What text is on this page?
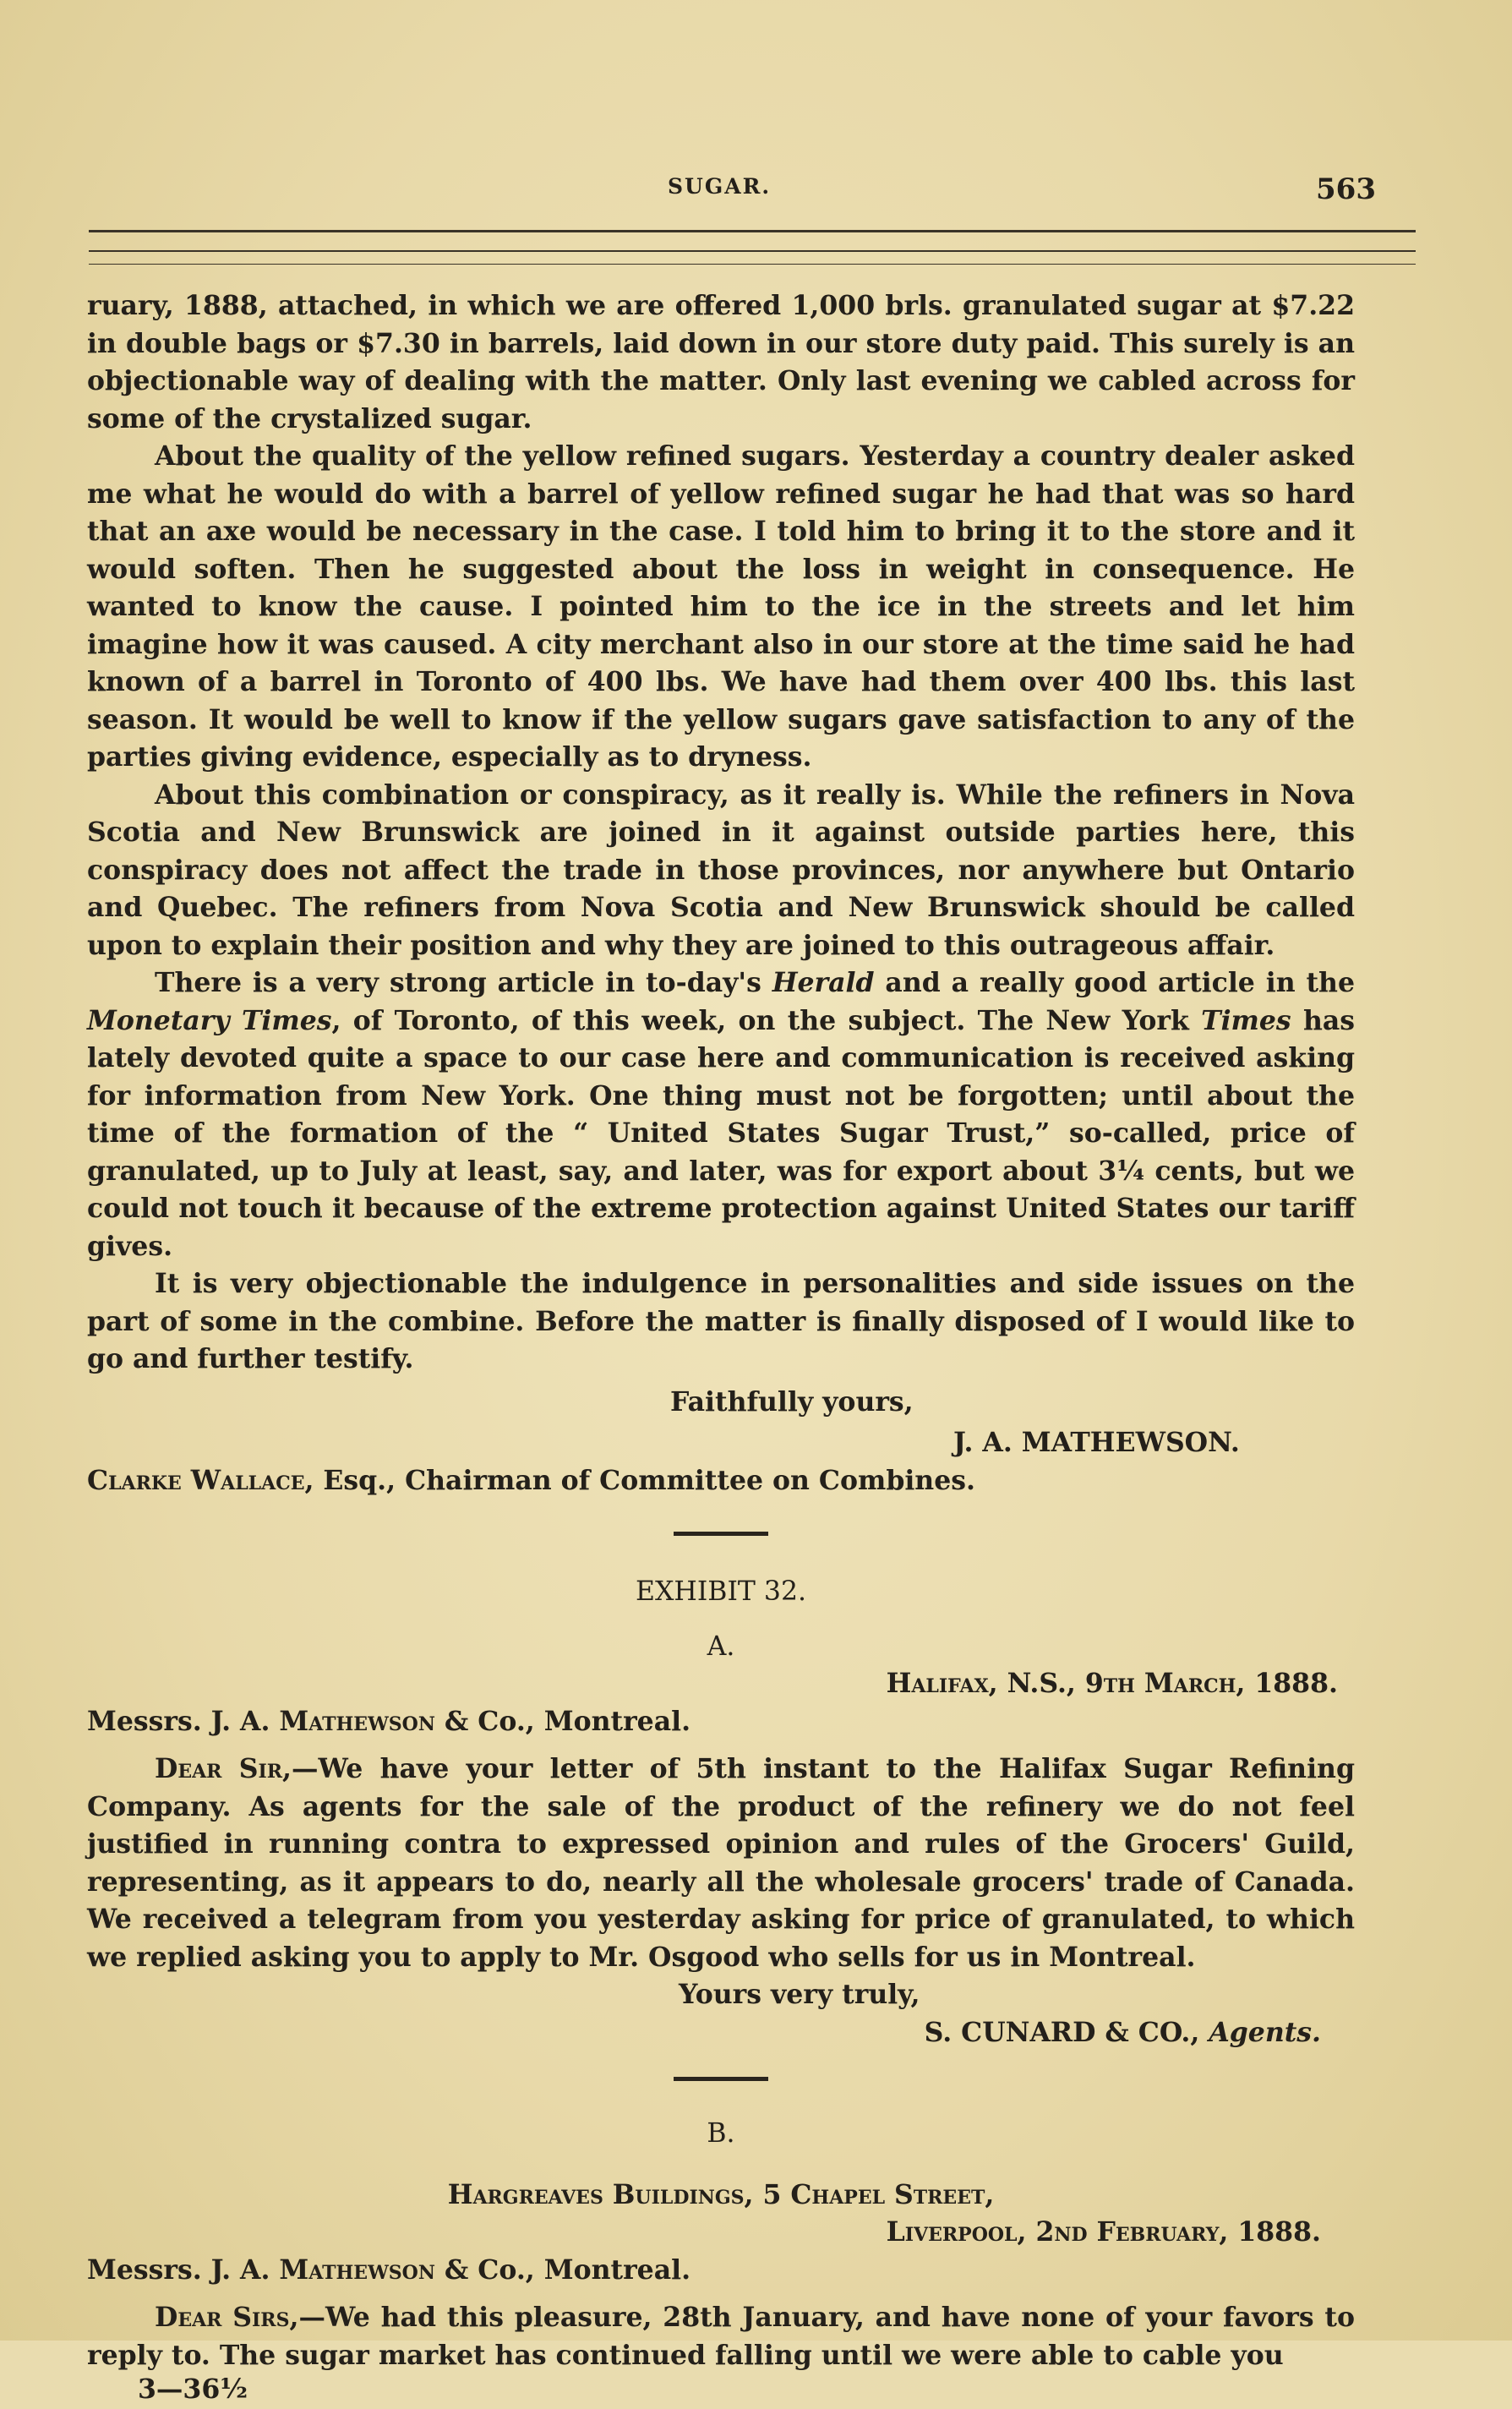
SUGAR.	563

ruary, 1888, attached, in which we are offered 1,000 brls. granulated sugar at $7.22 in double bags or $7.30 in barrels, laid down in our store duty paid. This surely is an objectionable way of dealing with the matter. Only last evening we cabled across for some of the crystalized sugar.

About the quality of the yellow refined sugars. Yesterday a country dealer asked me what he would do with a barrel of yellow refined sugar he had that was so hard that an axe would be necessary in the case. I told him to bring it to the store and it would soften. Then he suggested about the loss in weight in consequence. He wanted to know the cause. I pointed him to the ice in the streets and let him imagine how it was caused. A city merchant also in our store at the time said he had known of a barrel in Toronto of 400 lbs. We have had them over 400 lbs. this last season. It would be well to know if the yellow sugars gave satisfaction to any of the parties giving evidence, especially as to dryness.

About this combination or conspiracy, as it really is. While the refiners in Nova Scotia and New Brunswick are joined in it against outside parties here, this conspiracy does not affect the trade in those provinces, nor anywhere but Ontario and Quebec. The refiners from Nova Scotia and New Brunswick should be called upon to explain their position and why they are joined to this outrageous affair.

There is a very strong article in to-day's Herald and a really good article in the Monetary Times, of Toronto, of this week, on the subject. The New York Times has lately devoted quite a space to our case here and communication is received asking for information from New York. One thing must not be forgotten; until about the time of the formation of the “ United States Sugar Trust,” so-called, price of granulated, up to July at least, say, and later, was for export about 3¼ cents, but we could not touch it because of the extreme protection against United States our tariff gives.

It is very objectionable the indulgence in personalities and side issues on the part of some in the combine. Before the matter is finally disposed of I would like to go and further testify.

Faithfully yours,

J. A. MATHEWSON.

Clarke Wallace, Esq., Chairman of Committee on Combines.

EXHIBIT 32.

A.

Halifax, N.S., 9th March, 1888.

Messrs. J. A. Mathewson & Co., Montreal.

Dear Sir,—We have your letter of 5th instant to the Halifax Sugar Refining Company. As agents for the sale of the product of the refinery we do not feel justified in running contra to expressed opinion and rules of the Grocers' Guild, representing, as it appears to do, nearly all the wholesale grocers' trade of Canada. We received a telegram from you yesterday asking for price of granulated, to which we replied asking you to apply to Mr. Osgood who sells for us in Montreal.

Yours very truly,

S. CUNARD & CO., Agents.

B.

Hargreaves Buildings, 5 Chapel Street,

Liverpool, 2nd February, 1888.

Messrs. J. A. Mathewson & Co., Montreal.

Dear Sirs,—We had this pleasure, 28th January, and have none of your favors to reply to. The sugar market has continued falling until we were able to cable you

3—36½
